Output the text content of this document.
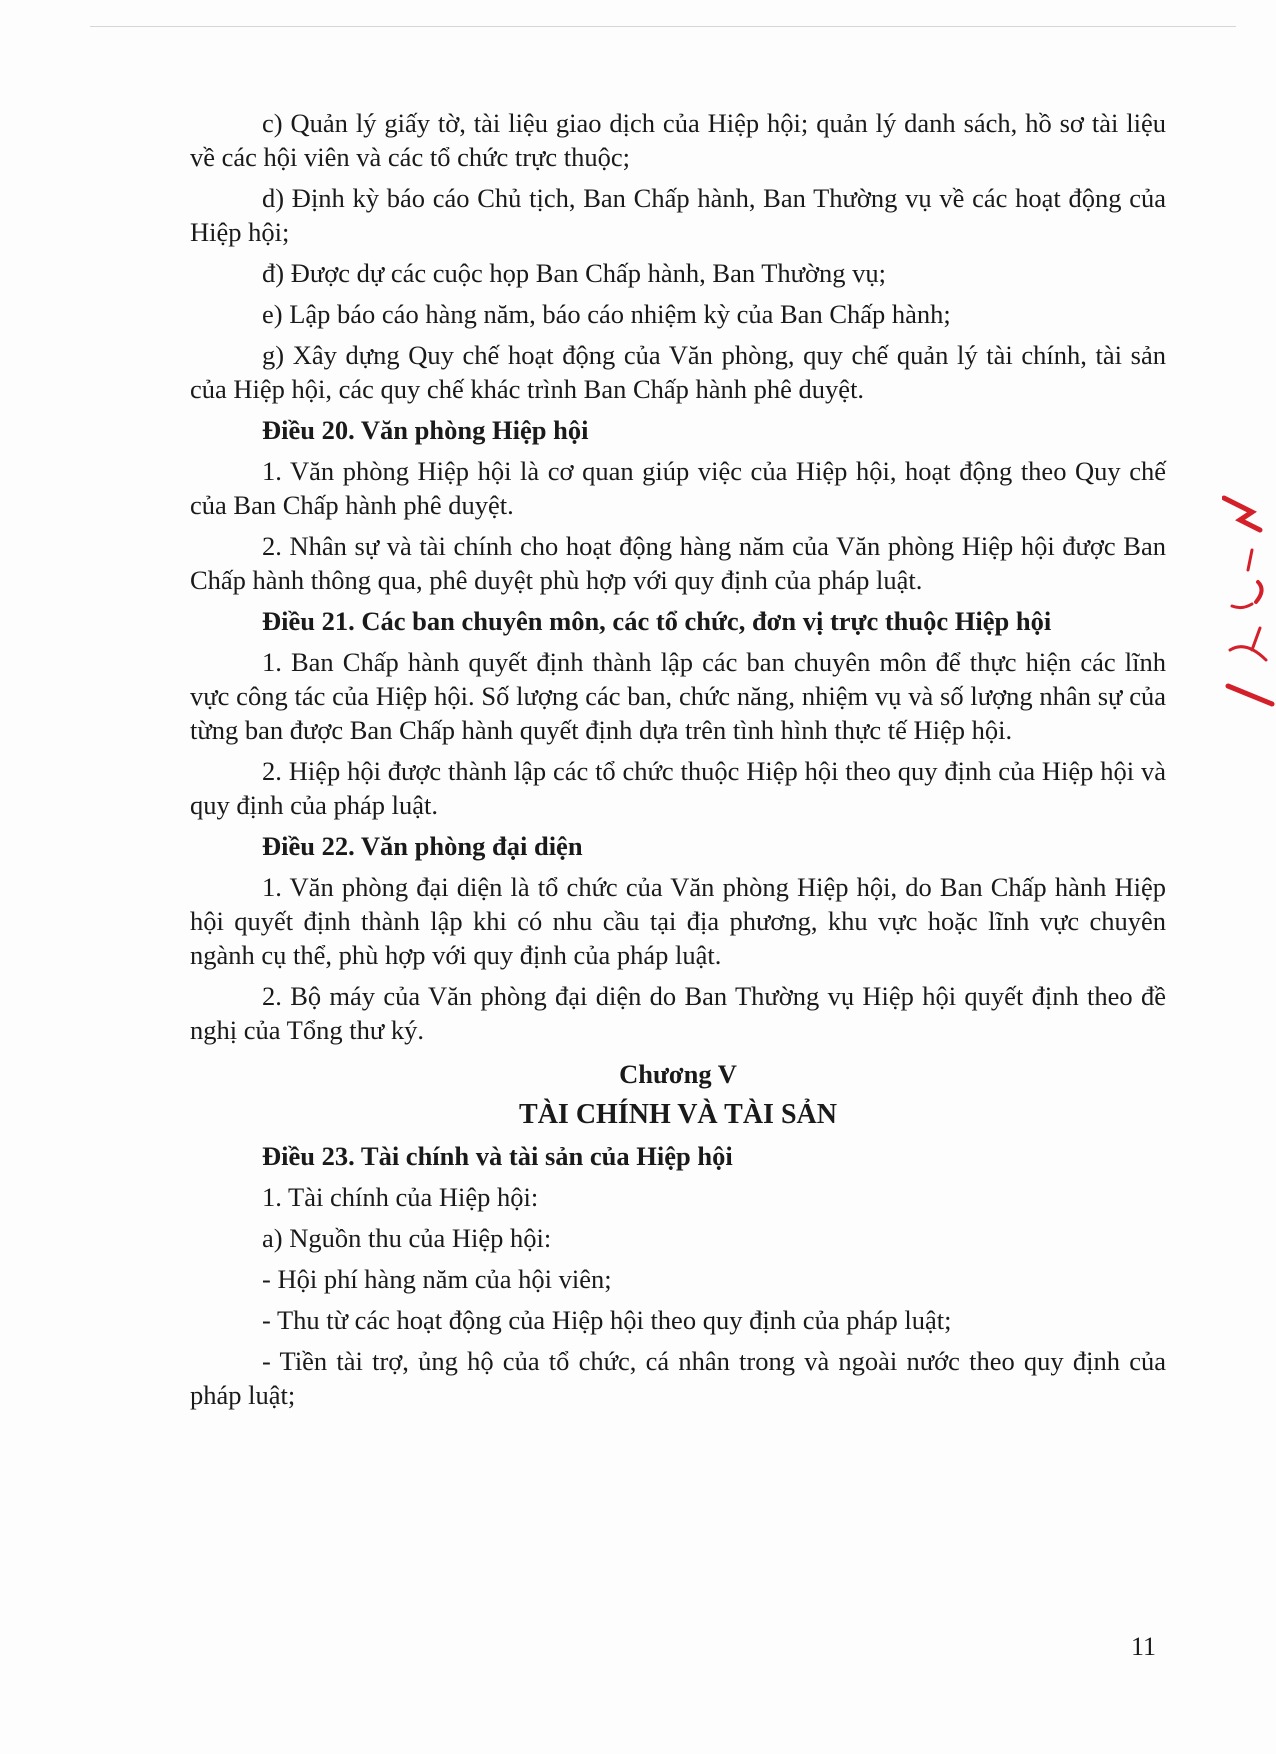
c) Quản lý giấy tờ, tài liệu giao dịch của Hiệp hội; quản lý danh sách, hồ sơ tài liệu về các hội viên và các tổ chức trực thuộc;

d) Định kỳ báo cáo Chủ tịch, Ban Chấp hành, Ban Thường vụ về các hoạt động của Hiệp hội;

đ) Được dự các cuộc họp Ban Chấp hành, Ban Thường vụ;

e) Lập báo cáo hàng năm, báo cáo nhiệm kỳ của Ban Chấp hành;

g) Xây dựng Quy chế hoạt động của Văn phòng, quy chế quản lý tài chính, tài sản của Hiệp hội, các quy chế khác trình Ban Chấp hành phê duyệt.

Điều 20. Văn phòng Hiệp hội

1. Văn phòng Hiệp hội là cơ quan giúp việc của Hiệp hội, hoạt động theo Quy chế của Ban Chấp hành phê duyệt.

2. Nhân sự và tài chính cho hoạt động hàng năm của Văn phòng Hiệp hội được Ban Chấp hành thông qua, phê duyệt phù hợp với quy định của pháp luật.

Điều 21. Các ban chuyên môn, các tổ chức, đơn vị trực thuộc Hiệp hội

1. Ban Chấp hành quyết định thành lập các ban chuyên môn để thực hiện các lĩnh vực công tác của Hiệp hội. Số lượng các ban, chức năng, nhiệm vụ và số lượng nhân sự của từng ban được Ban Chấp hành quyết định dựa trên tình hình thực tế Hiệp hội.

2. Hiệp hội được thành lập các tổ chức thuộc Hiệp hội theo quy định của Hiệp hội và quy định của pháp luật.

Điều 22. Văn phòng đại diện

1. Văn phòng đại diện là tổ chức của Văn phòng Hiệp hội, do Ban Chấp hành Hiệp hội quyết định thành lập khi có nhu cầu tại địa phương, khu vực hoặc lĩnh vực chuyên ngành cụ thể, phù hợp với quy định của pháp luật.

2. Bộ máy của Văn phòng đại diện do Ban Thường vụ Hiệp hội quyết định theo đề nghị của Tổng thư ký.

Chương V

TÀI CHÍNH VÀ TÀI SẢN

Điều 23. Tài chính và tài sản của Hiệp hội

1. Tài chính của Hiệp hội:

a) Nguồn thu của Hiệp hội:

- Hội phí hàng năm của hội viên;

- Thu từ các hoạt động của Hiệp hội theo quy định của pháp luật;

- Tiền tài trợ, ủng hộ của tổ chức, cá nhân trong và ngoài nước theo quy định của pháp luật;

11
